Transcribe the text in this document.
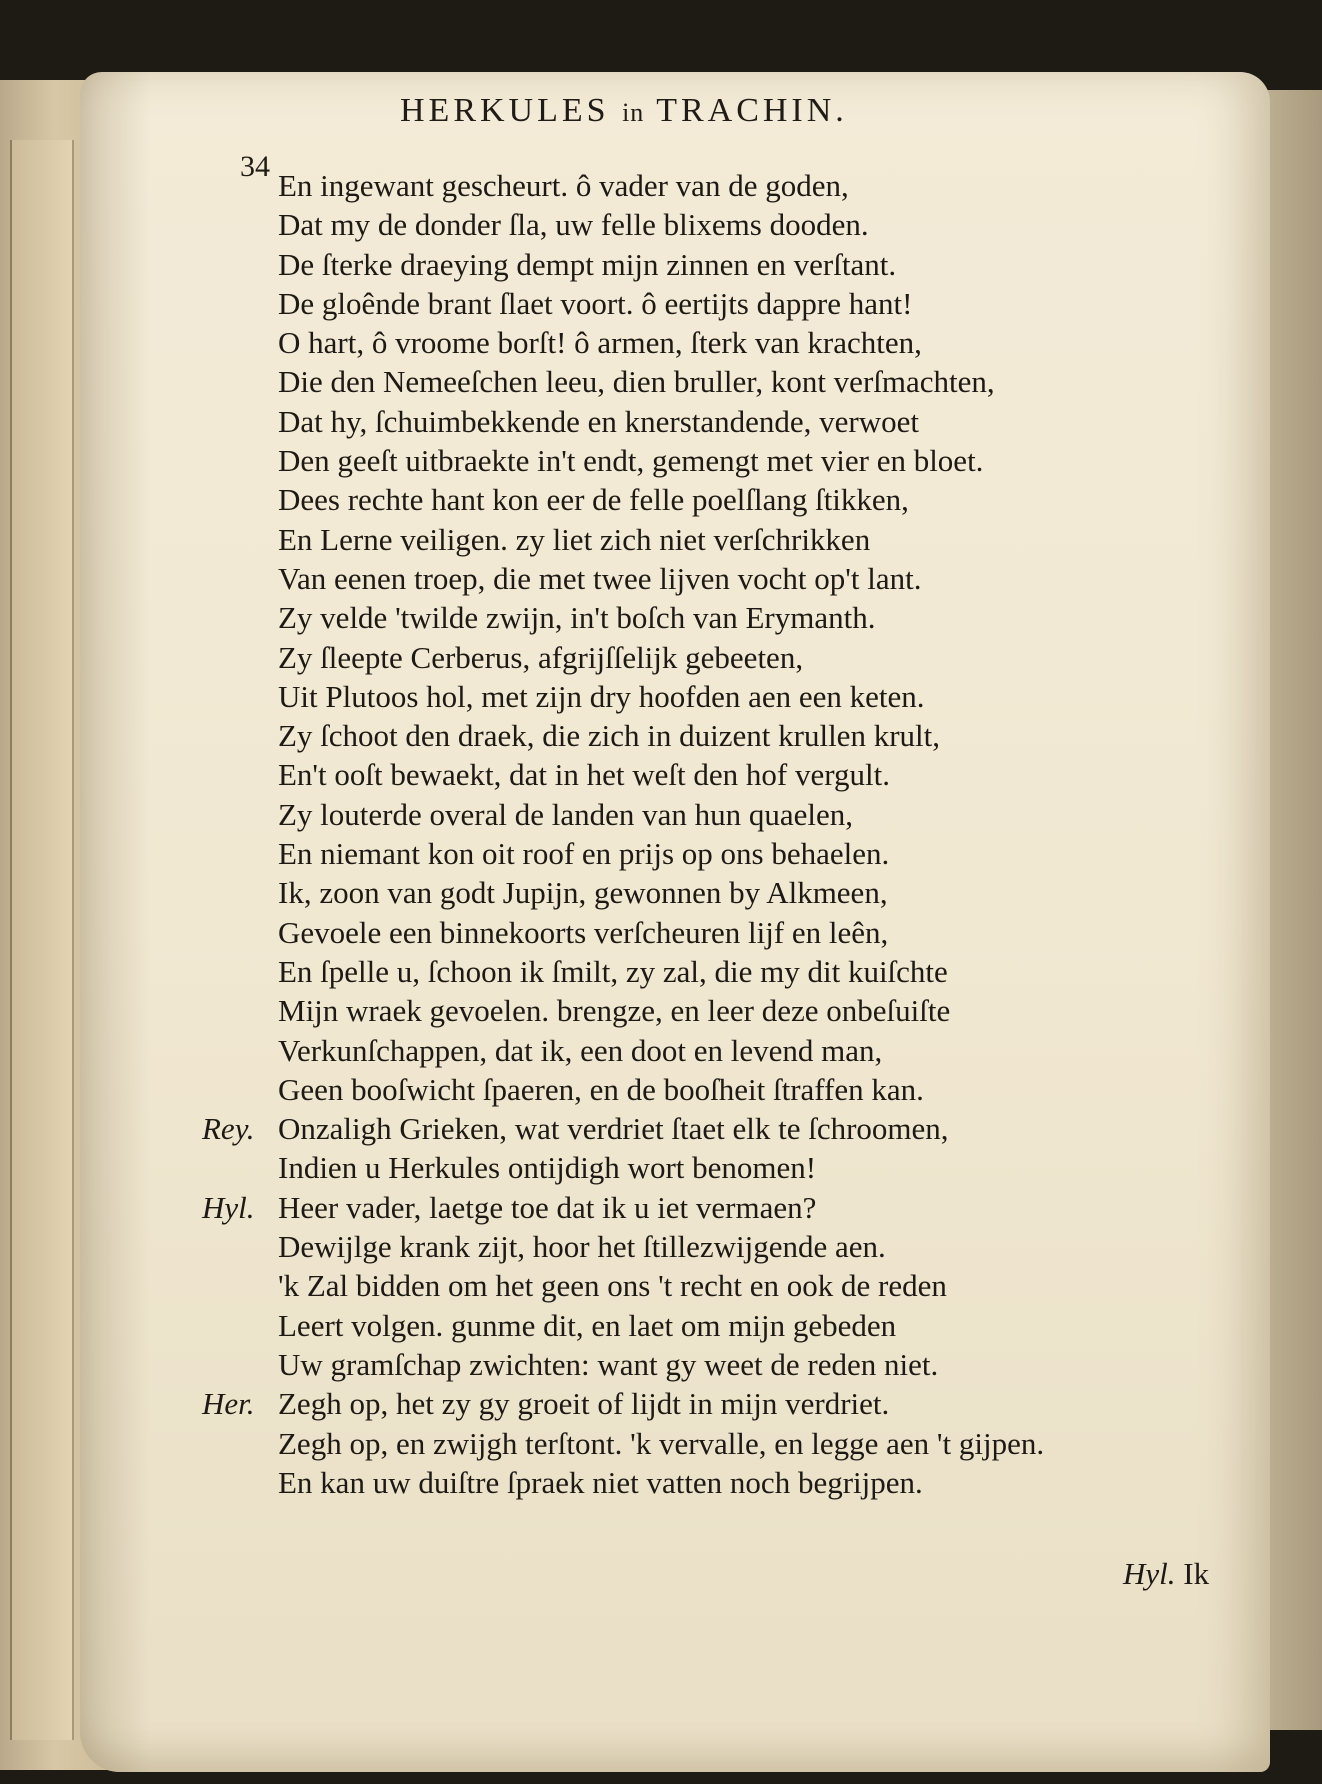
HERKULES in TRACHIN.
34
En ingewant gescheurt. ô vader van de goden,
Dat my de donder ſla, uw felle blixems dooden.
De ſterke draeying dempt mijn zinnen en verſtant.
De gloênde brant ſlaet voort. ô eertijts dappre hant!
O hart, ô vroome borſt! ô armen, ſterk van krachten,
Die den Nemeeſchen leeu, dien bruller, kont verſmachten,
Dat hy, ſchuimbekkende en knerstandende, verwoet
Den geeſt uitbraekte in't endt, gemengt met vier en bloet.
Dees rechte hant kon eer de felle poelſlang ſtikken,
En Lerne veiligen. zy liet zich niet verſchrikken
Van eenen troep, die met twee lijven vocht op't lant.
Zy velde 'twilde zwijn, in't boſch van Erymanth.
Zy ſleepte Cerberus, afgrijſſelijk gebeeten,
Uit Plutoos hol, met zijn dry hoofden aen een keten.
Zy ſchoot den draek, die zich in duizent krullen krult,
En't ooſt bewaekt, dat in het weſt den hof vergult.
Zy louterde overal de landen van hun quaelen,
En niemant kon oit roof en prijs op ons behaelen.
Ik, zoon van godt Jupijn, gewonnen by Alkmeen,
Gevoele een binnekoorts verſcheuren lijf en leên,
En ſpelle u, ſchoon ik ſmilt, zy zal, die my dit kuiſchte
Mijn wraek gevoelen. brengze, en leer deze onbeſuiſte
Verkunſchappen, dat ik, een doot en levend man,
Geen booſwicht ſpaeren, en de booſheit ſtraffen kan.
Rey. Onzaligh Grieken, wat verdriet ſtaet elk te ſchroomen,
Indien u Herkules ontijdigh wort benomen!
Hyl. Heer vader, laetge toe dat ik u iet vermaen?
Dewijlge krank zijt, hoor het ſtillezwijgende aen.
'k Zal bidden om het geen ons 't recht en ook de reden
Leert volgen. gunme dit, en laet om mijn gebeden
Uw gramſchap zwichten: want gy weet de reden niet.
Her. Zegh op, het zy gy groeit of lijdt in mijn verdriet.
Zegh op, en zwijgh terſtont. 'k vervalle, en legge aen 't gijpen.
En kan uw duiſtre ſpraek niet vatten noch begrijpen.
Hyl. Ik
